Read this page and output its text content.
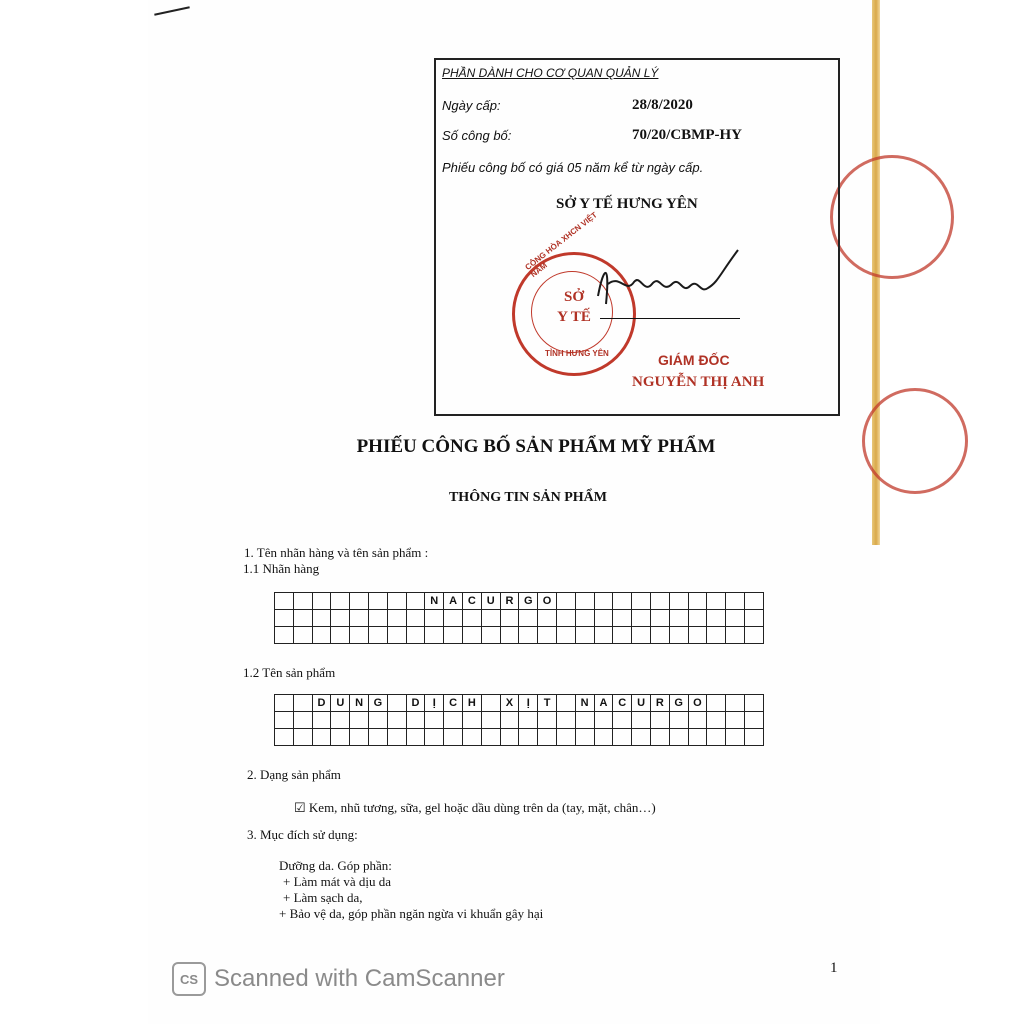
PHẦN DÀNH CHO CƠ QUAN QUẢN LÝ
Ngày cấp:	28/8/2020
Số công bố:	70/20/CBMP-HY
Phiếu công bố có giá 05 năm kể từ ngày cấp.
SỞ Y TẾ HƯNG YÊN
GIÁM ĐỐC
NGUYỄN THỊ ANH
CỘNG HÒA XHCN VIỆT NAM
SỞ
Y TẾ
TỈNH HƯNG YÊN
PHIẾU CÔNG BỐ SẢN PHẨM MỸ PHẨM
THÔNG TIN SẢN PHẨM
1. Tên nhãn hàng và tên sản phẩm :
1.1 Nhãn hàng
N A C U R G O
1.2 Tên sản phẩm
D U N G	D	Ị	C H	X	Ị	T	N A C U R G O
2. Dạng sản phẩm
☑ Kem, nhũ tương, sữa, gel hoặc dầu dùng trên da (tay, mặt, chân…)
3. Mục đích sử dụng:
Dưỡng da. Góp phần:
+ Làm mát và dịu da
+ Làm sạch da,
+ Bảo vệ da, góp phần ngăn ngừa vi khuẩn gây hại
1
CS Scanned with CamScanner
